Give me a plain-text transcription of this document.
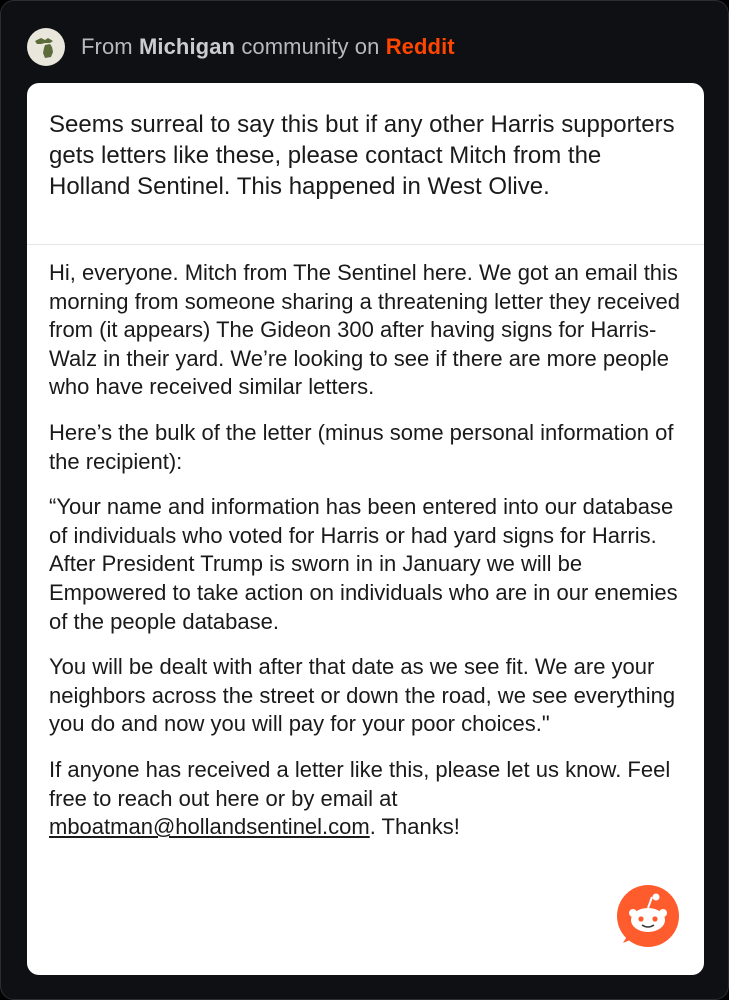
From Michigan community on Reddit

Seems surreal to say this but if any other Harris supporters gets letters like these, please contact Mitch from the Holland Sentinel. This happened in West Olive.

Hi, everyone. Mitch from The Sentinel here. We got an email this morning from someone sharing a threatening letter they received from (it appears) The Gideon 300 after having signs for Harris-Walz in their yard. We’re looking to see if there are more people who have received similar letters.

Here’s the bulk of the letter (minus some personal information of the recipient):

“Your name and information has been entered into our database of individuals who voted for Harris or had yard signs for Harris. After President Trump is sworn in in January we will be Empowered to take action on individuals who are in our enemies of the people database.

You will be dealt with after that date as we see fit. We are your neighbors across the street or down the road, we see everything you do and now you will pay for your poor choices."

If anyone has received a letter like this, please let us know. Feel free to reach out here or by email at mboatman@hollandsentinel.com. Thanks!
